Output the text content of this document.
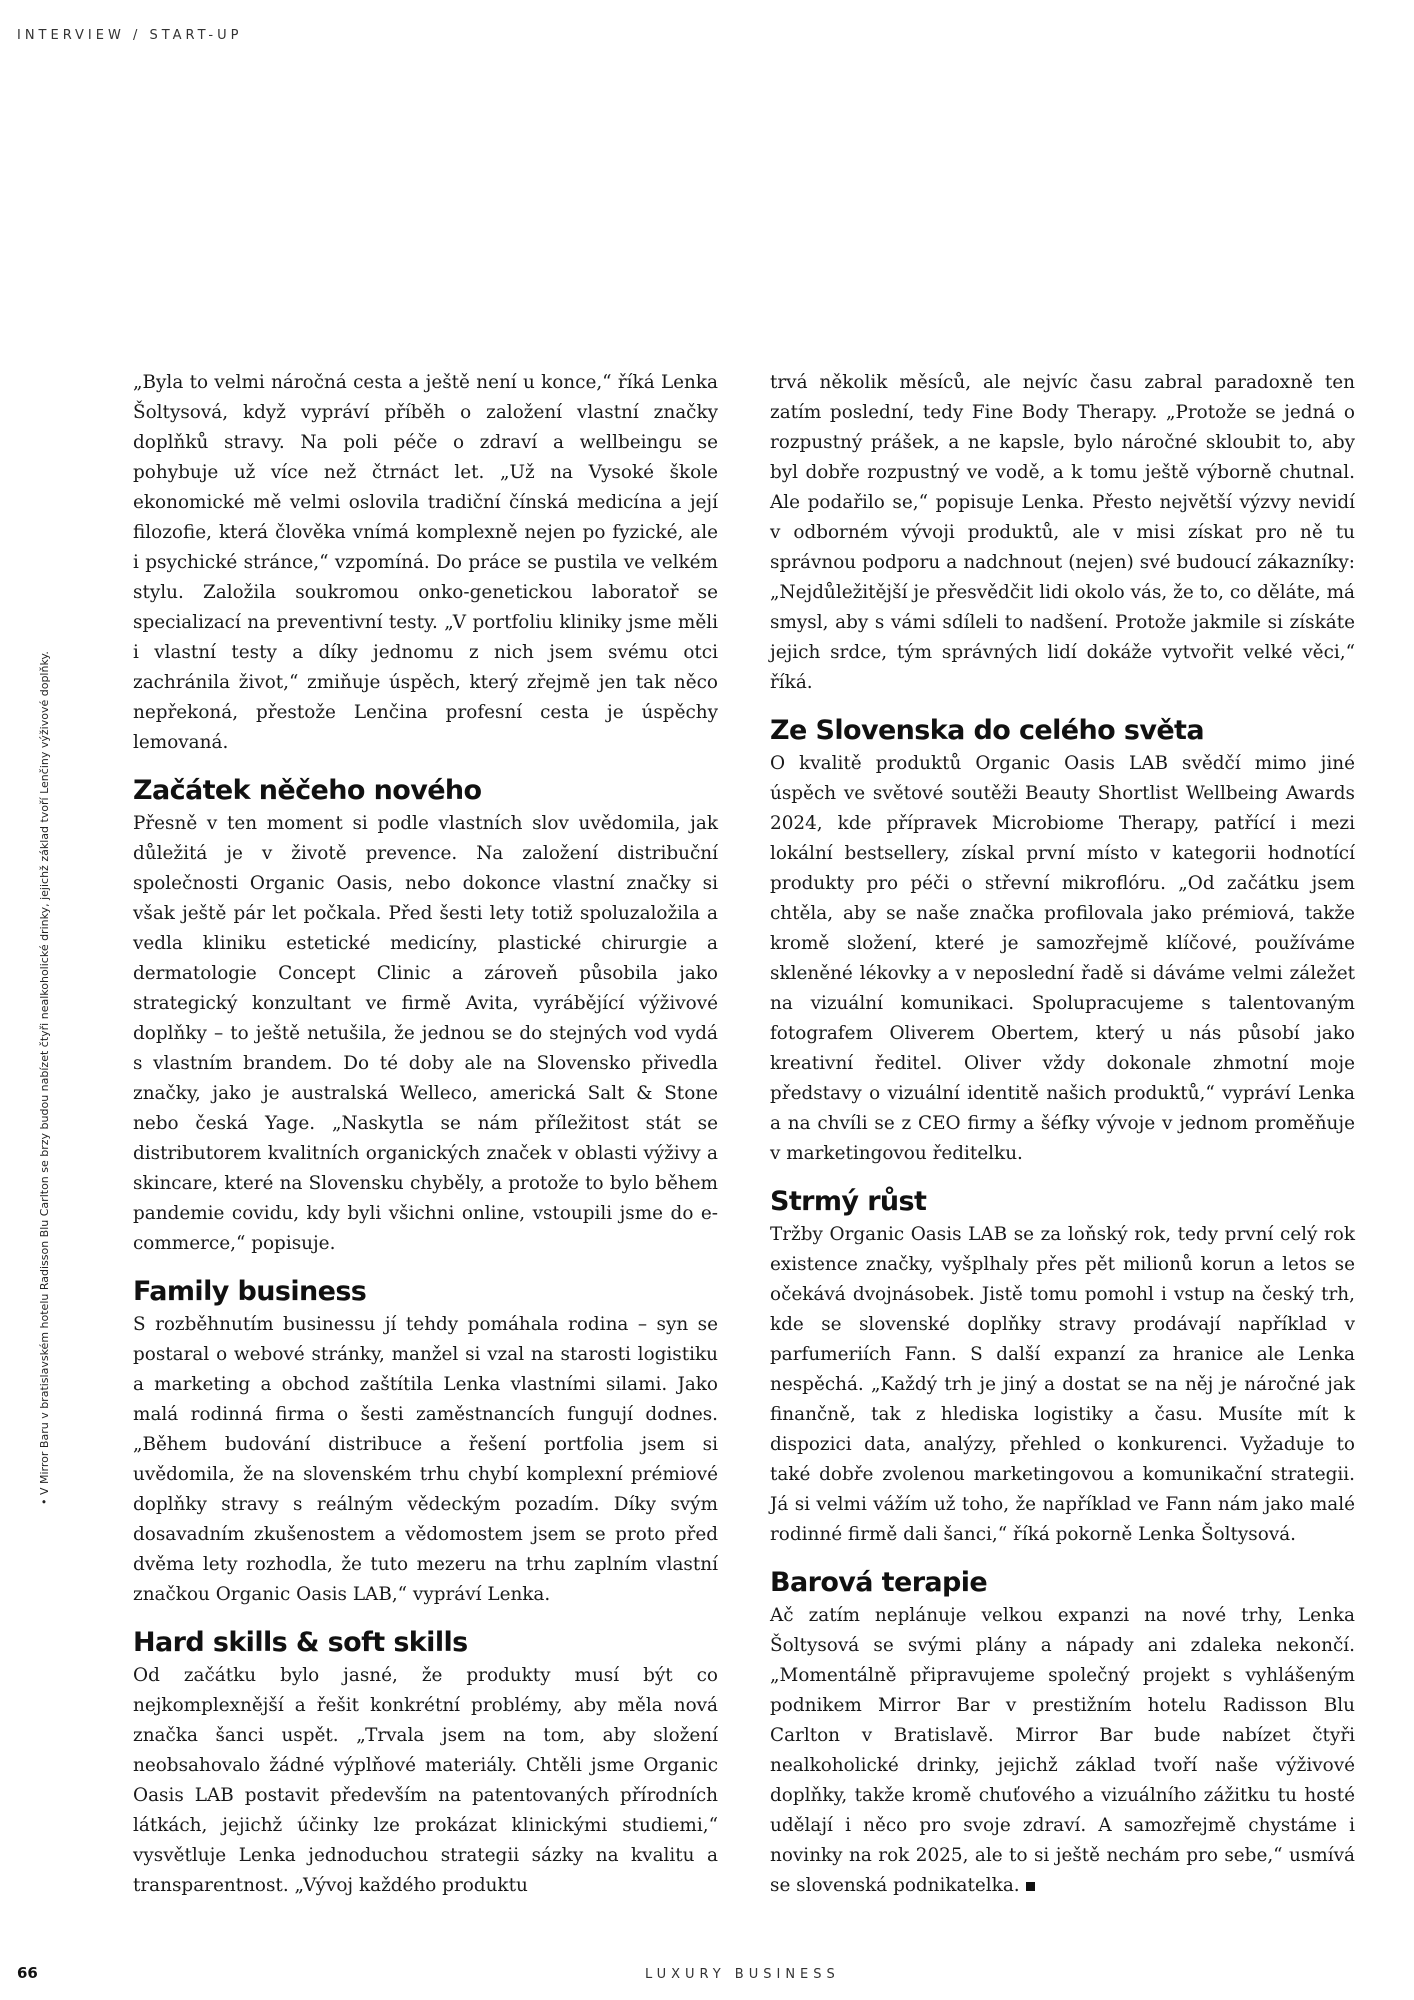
INTERVIEW / START-UP
• V Mirror Baru v bratislavském hotelu Radisson Blu Carlton se brzy budou nabízet čtyři nealkoholické drinky, jejichž základ tvoří Lenčiny výživové doplňky.

„Byla to velmi náročná cesta a ještě není u konce,“ říká Lenka Šoltysová, když vypráví příběh o založení vlastní značky doplňků stravy. Na poli péče o zdraví a wellbeingu se pohybuje už více než čtrnáct let. „Už na Vysoké škole ekonomické mě velmi oslovila tradiční čínská medicína a její filozofie, která člověka vnímá komplexně nejen po fyzické, ale i psychické stránce,“ vzpomíná. Do práce se pustila ve velkém stylu. Založila soukromou onko-genetickou laboratoř se specializací na preventivní testy. „V portfoliu kliniky jsme měli i vlastní testy a díky jednomu z nich jsem svému otci zachránila život,“ zmiňuje úspěch, který zřejmě jen tak něco nepřekoná, přestože Lenčina profesní cesta je úspěchy lemovaná.

Začátek něčeho nového

Přesně v ten moment si podle vlastních slov uvědomila, jak důležitá je v životě prevence. Na založení distribuční společnosti Organic Oasis, nebo dokonce vlastní značky si však ještě pár let počkala. Před šesti lety totiž spoluzaložila a vedla kliniku estetické medicíny, plastické chirurgie a dermatologie Concept Clinic a zároveň působila jako strategický konzultant ve firmě Avita, vyrábějící výživové doplňky – to ještě netušila, že jednou se do stejných vod vydá s vlastním brandem. Do té doby ale na Slovensko přivedla značky, jako je australská Welleco, americká Salt & Stone nebo česká Yage. „Naskytla se nám příležitost stát se distributorem kvalitních organických značek v oblasti výživy a skincare, které na Slovensku chyběly, a protože to bylo během pandemie covidu, kdy byli všichni online, vstoupili jsme do e-commerce,“ popisuje.

Family business

S rozběhnutím businessu jí tehdy pomáhala rodina – syn se postaral o webové stránky, manžel si vzal na starosti logistiku a marketing a obchod zaštítila Lenka vlastními silami. Jako malá rodinná firma o šesti zaměstnancích fungují dodnes. „Během budování distribuce a řešení portfolia jsem si uvědomila, že na slovenském trhu chybí komplexní prémiové doplňky stravy s reálným vědeckým pozadím. Díky svým dosavadním zkušenostem a vědomostem jsem se proto před dvěma lety rozhodla, že tuto mezeru na trhu zaplním vlastní značkou Organic Oasis LAB,“ vypráví Lenka.

Hard skills & soft skills

Od začátku bylo jasné, že produkty musí být co nejkomplexnější a řešit konkrétní problémy, aby měla nová značka šanci uspět. „Trvala jsem na tom, aby složení neobsahovalo žádné výplňové materiály. Chtěli jsme Organic Oasis LAB postavit především na patentovaných přírodních látkách, jejichž účinky lze prokázat klinickými studiemi,“ vysvětluje Lenka jednoduchou strategii sázky na kvalitu a transparentnost. „Vývoj každého produktu

trvá několik měsíců, ale nejvíc času zabral paradoxně ten zatím poslední, tedy Fine Body Therapy. „Protože se jedná o rozpustný prášek, a ne kapsle, bylo náročné skloubit to, aby byl dobře rozpustný ve vodě, a k tomu ještě výborně chutnal. Ale podařilo se,“ popisuje Lenka. Přesto největší výzvy nevidí v odborném vývoji produktů, ale v misi získat pro ně tu správnou podporu a nadchnout (nejen) své budoucí zákazníky: „Nejdůležitější je přesvědčit lidi okolo vás, že to, co děláte, má smysl, aby s vámi sdíleli to nadšení. Protože jakmile si získáte jejich srdce, tým správných lidí dokáže vytvořit velké věci,“ říká.

Ze Slovenska do celého světa

O kvalitě produktů Organic Oasis LAB svědčí mimo jiné úspěch ve světové soutěži Beauty Shortlist Wellbeing Awards 2024, kde přípravek Microbiome Therapy, patřící i mezi lokální bestsellery, získal první místo v kategorii hodnotící produkty pro péči o střevní mikroflóru. „Od začátku jsem chtěla, aby se naše značka profilovala jako prémiová, takže kromě složení, které je samozřejmě klíčové, používáme skleněné lékovky a v neposlední řadě si dáváme velmi záležet na vizuální komunikaci. Spolupracujeme s talentovaným fotografem Oliverem Obertem, který u nás působí jako kreativní ředitel. Oliver vždy dokonale zhmotní moje představy o vizuální identitě našich produktů,“ vypráví Lenka a na chvíli se z CEO firmy a šéfky vývoje v jednom proměňuje v marketingovou ředitelku.

Strmý růst

Tržby Organic Oasis LAB se za loňský rok, tedy první celý rok existence značky, vyšplhaly přes pět milionů korun a letos se očekává dvojnásobek. Jistě tomu pomohl i vstup na český trh, kde se slovenské doplňky stravy prodávají například v parfumeriích Fann. S další expanzí za hranice ale Lenka nespěchá. „Každý trh je jiný a dostat se na něj je náročné jak finančně, tak z hlediska logistiky a času. Musíte mít k dispozici data, analýzy, přehled o konkurenci. Vyžaduje to také dobře zvolenou marketingovou a komunikační strategii. Já si velmi vážím už toho, že například ve Fann nám jako malé rodinné firmě dali šanci,“ říká pokorně Lenka Šoltysová.

Barová terapie

Ač zatím neplánuje velkou expanzi na nové trhy, Lenka Šoltysová se svými plány a nápady ani zdaleka nekončí. „Momentálně připravujeme společný projekt s vyhlášeným podnikem Mirror Bar v prestižním hotelu Radisson Blu Carlton v Bratislavě. Mirror Bar bude nabízet čtyři nealkoholické drinky, jejichž základ tvoří naše výživové doplňky, takže kromě chuťového a vizuálního zážitku tu hosté udělají i něco pro svoje zdraví. A samozřejmě chystáme i novinky na rok 2025, ale to si ještě nechám pro sebe,“ usmívá se slovenská podnikatelka.

66	LUXURY BUSINESS
